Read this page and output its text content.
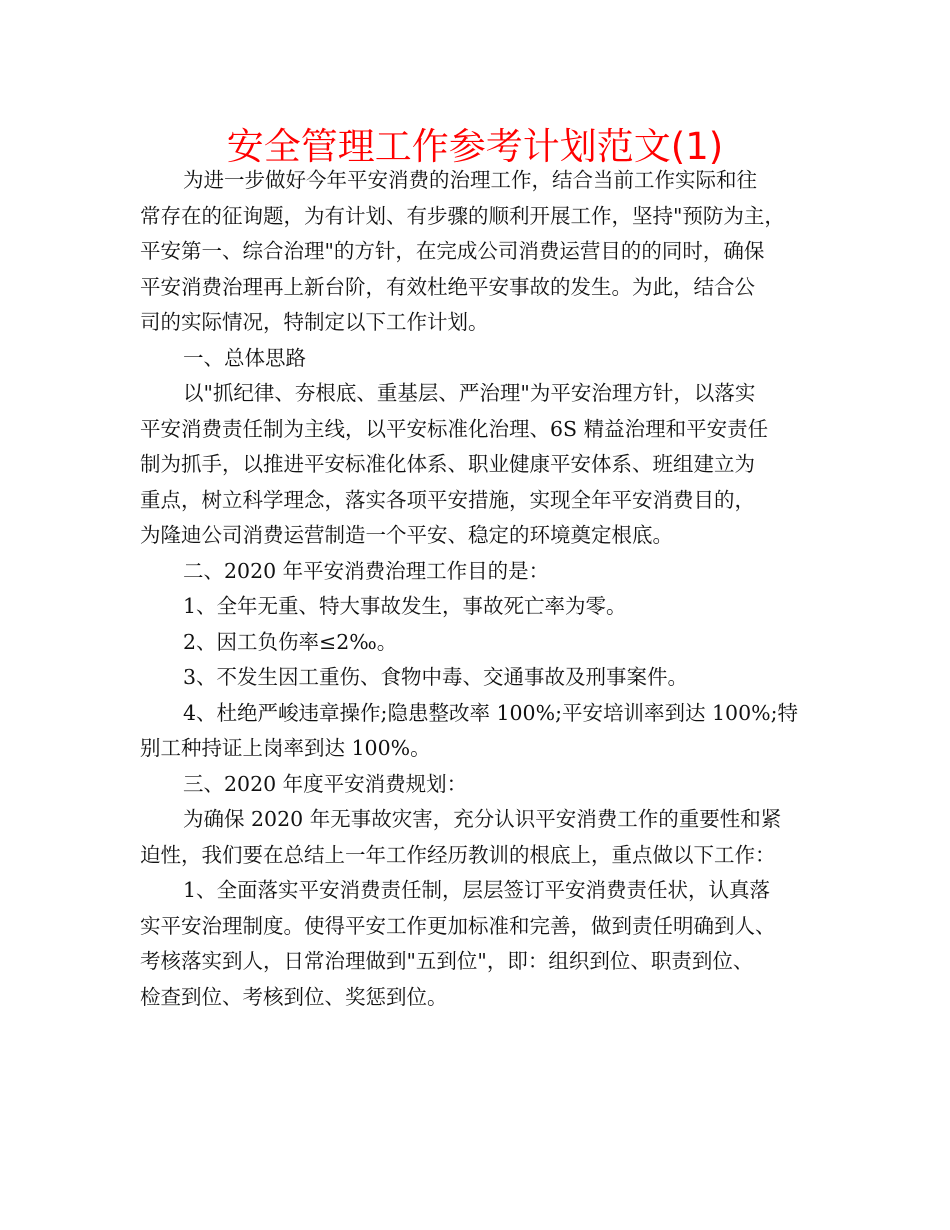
安全管理工作参考计划范文(1)
为进一步做好今年平安消费的治理工作，结合当前工作实际和往
常存在的征询题，为有计划、有步骤的顺利开展工作，坚持"预防为主，
平安第一、综合治理"的方针，在完成公司消费运营目的的同时，确保
平安消费治理再上新台阶，有效杜绝平安事故的发生。为此，结合公
司的实际情况，特制定以下工作计划。
一、总体思路
以"抓纪律、夯根底、重基层、严治理"为平安治理方针，以落实
平安消费责任制为主线，以平安标准化治理、6S 精益治理和平安责任
制为抓手，以推进平安标准化体系、职业健康平安体系、班组建立为
重点，树立科学理念，落实各项平安措施，实现全年平安消费目的，
为隆迪公司消费运营制造一个平安、稳定的环境奠定根底。
二、2020 年平安消费治理工作目的是：
1、全年无重、特大事故发生，事故死亡率为零。
2、因工负伤率≤2‰。
3、不发生因工重伤、食物中毒、交通事故及刑事案件。
4、杜绝严峻违章操作;隐患整改率 100%;平安培训率到达 100%;特
别工种持证上岗率到达 100%。
三、2020 年度平安消费规划：
为确保 2020 年无事故灾害，充分认识平安消费工作的重要性和紧
迫性，我们要在总结上一年工作经历教训的根底上，重点做以下工作：
1、全面落实平安消费责任制，层层签订平安消费责任状，认真落
实平安治理制度。使得平安工作更加标准和完善，做到责任明确到人、
考核落实到人，日常治理做到"五到位"，即：组织到位、职责到位、
检查到位、考核到位、奖惩到位。
